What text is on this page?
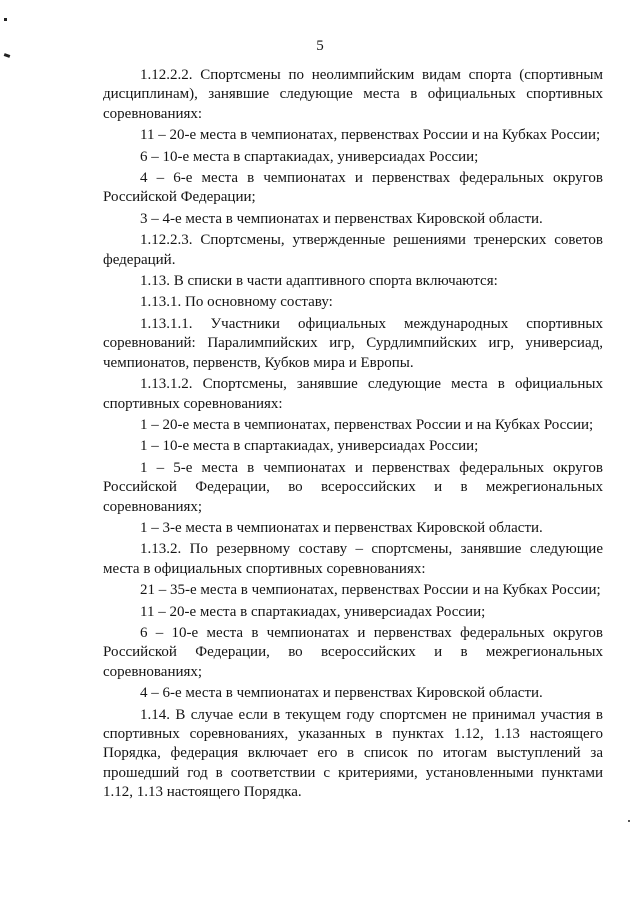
5

1.12.2.2. Спортсмены по неолимпийским видам спорта (спортивным дисциплинам), занявшие следующие места в официальных спортивных соревнованиях:

11 – 20-е места в чемпионатах, первенствах России и на Кубках России;

6 – 10-е места в спартакиадах, универсиадах России;

4 – 6-е места в чемпионатах и первенствах федеральных округов Российской Федерации;

3 – 4-е места в чемпионатах и первенствах Кировской области.

1.12.2.3. Спортсмены, утвержденные решениями тренерских советов федераций.

1.13. В списки в части адаптивного спорта включаются:

1.13.1. По основному составу:

1.13.1.1. Участники официальных международных спортивных соревнований: Паралимпийских игр, Сурдлимпийских игр, универсиад, чемпионатов, первенств, Кубков мира и Европы.

1.13.1.2. Спортсмены, занявшие следующие места в официальных спортивных соревнованиях:

1 – 20-е места в чемпионатах, первенствах России и на Кубках России;

1 – 10-е места в спартакиадах, универсиадах России;

1 – 5-е места в чемпионатах и первенствах федеральных округов Российской Федерации, во всероссийских и в межрегиональных соревнованиях;

1 – 3-е места в чемпионатах и первенствах Кировской области.

1.13.2. По резервному составу – спортсмены, занявшие следующие места в официальных спортивных соревнованиях:

21 – 35-е места в чемпионатах, первенствах России и на Кубках России;

11 – 20-е места в спартакиадах, универсиадах России;

6 – 10-е места в чемпионатах и первенствах федеральных округов Российской Федерации, во всероссийских и в межрегиональных соревнованиях;

4 – 6-е места в чемпионатах и первенствах Кировской области.

1.14. В случае если в текущем году спортсмен не принимал участия в спортивных соревнованиях, указанных в пунктах 1.12, 1.13 настоящего Порядка, федерация включает его в список по итогам выступлений за прошедший год в соответствии с критериями, установленными пунктами 1.12, 1.13 настоящего Порядка.
